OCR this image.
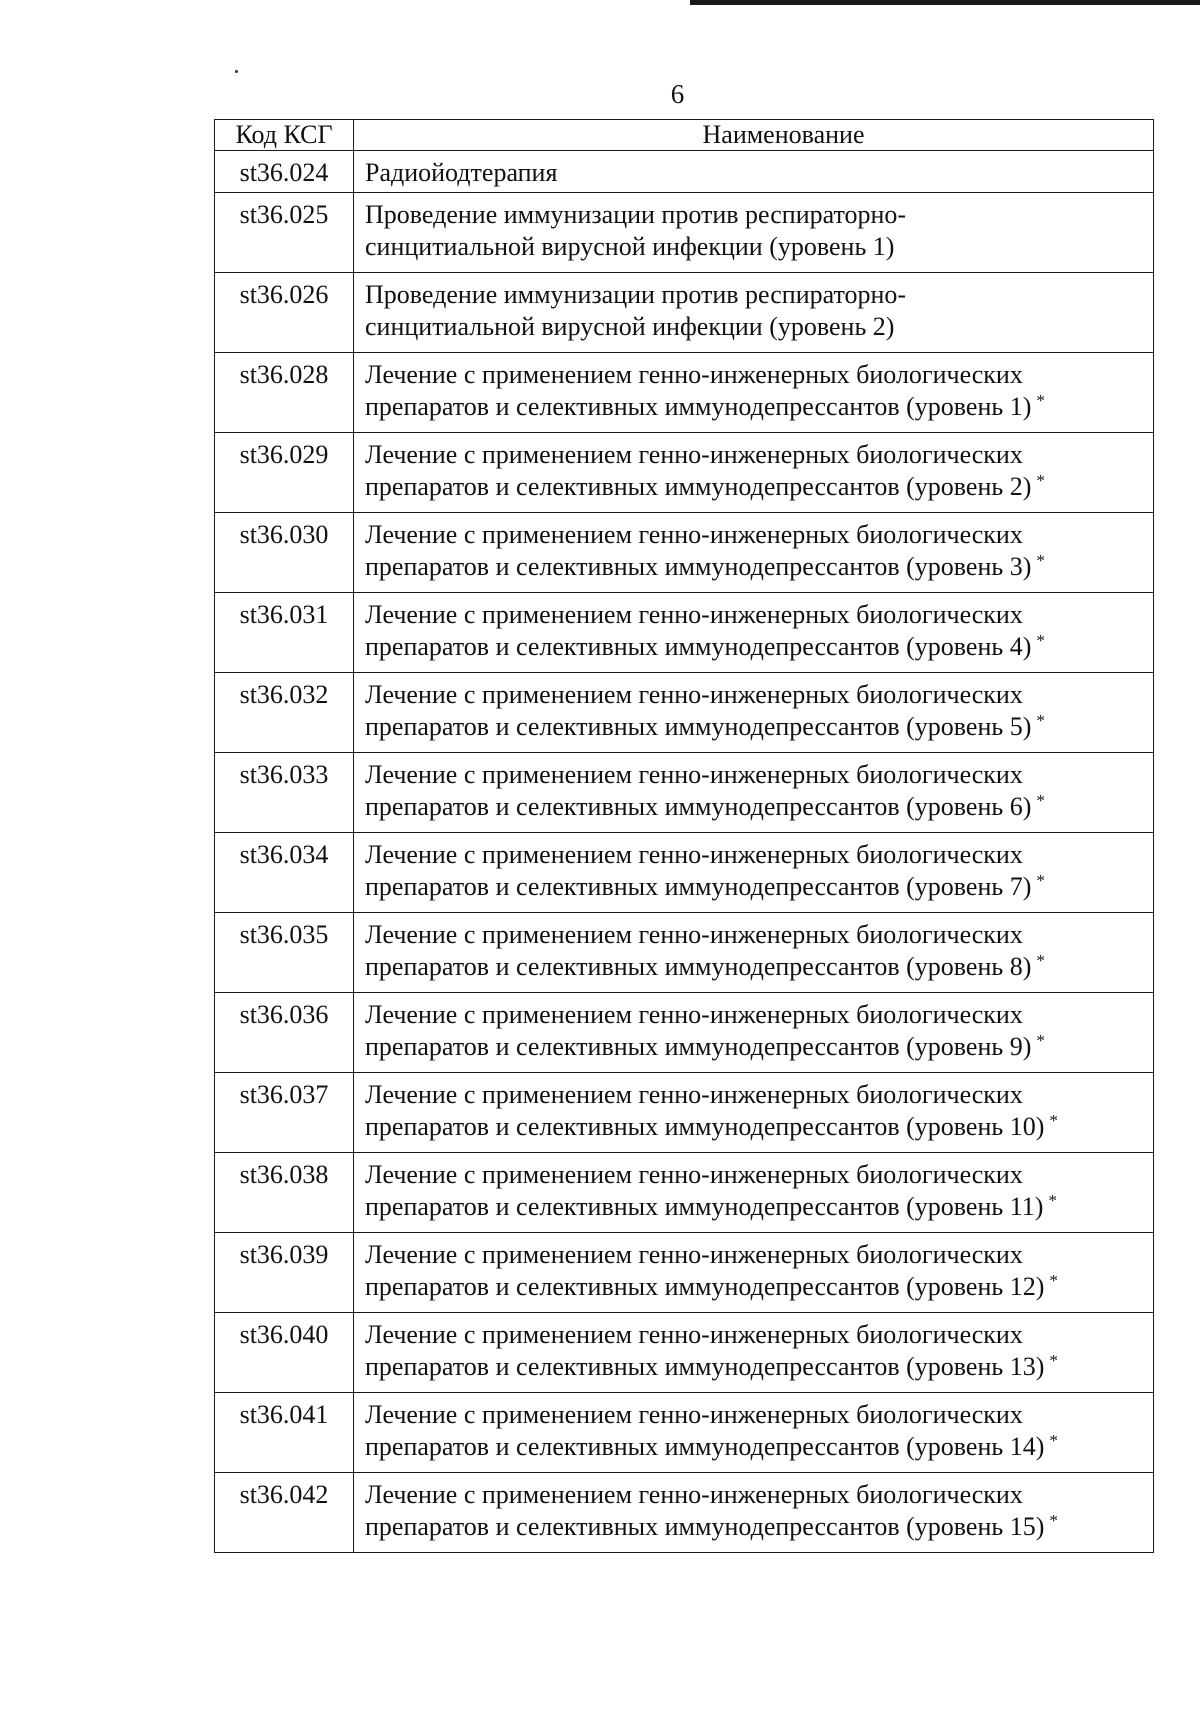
6
Код КСГ	Наименование
st36.024	Радиойодтерапия

st36.025	Проведение иммунизации против респираторно-
синцитиальной вирусной инфекции (уровень 1)

st36.026	Проведение иммунизации против респираторно-
синцитиальной вирусной инфекции (уровень 2)

st36.028	Лечение с применением генно-инженерных биологических
препаратов и селективных иммунодепрессантов (уровень 1) *

st36.029	Лечение с применением генно-инженерных биологических
препаратов и селективных иммунодепрессантов (уровень 2) *

st36.030	Лечение с применением генно-инженерных биологических
препаратов и селективных иммунодепрессантов (уровень 3) *

st36.031	Лечение с применением генно-инженерных биологических
препаратов и селективных иммунодепрессантов (уровень 4) *

st36.032	Лечение с применением генно-инженерных биологических
препаратов и селективных иммунодепрессантов (уровень 5) *

st36.033	Лечение с применением генно-инженерных биологических
препаратов и селективных иммунодепрессантов (уровень 6) *

st36.034	Лечение с применением генно-инженерных биологических
препаратов и селективных иммунодепрессантов (уровень 7) *

st36.035	Лечение с применением генно-инженерных биологических
препаратов и селективных иммунодепрессантов (уровень 8) *

st36.036	Лечение с применением генно-инженерных биологических
препаратов и селективных иммунодепрессантов (уровень 9) *

st36.037	Лечение с применением генно-инженерных биологических
препаратов и селективных иммунодепрессантов (уровень 10) *

st36.038	Лечение с применением генно-инженерных биологических
препаратов и селективных иммунодепрессантов (уровень 11) *

st36.039	Лечение с применением генно-инженерных биологических
препаратов и селективных иммунодепрессантов (уровень 12) *

st36.040	Лечение с применением генно-инженерных биологических
препаратов и селективных иммунодепрессантов (уровень 13) *

st36.041	Лечение с применением генно-инженерных биологических
препаратов и селективных иммунодепрессантов (уровень 14) *

st36.042	Лечение с применением генно-инженерных биологических
препаратов и селективных иммунодепрессантов (уровень 15) *
